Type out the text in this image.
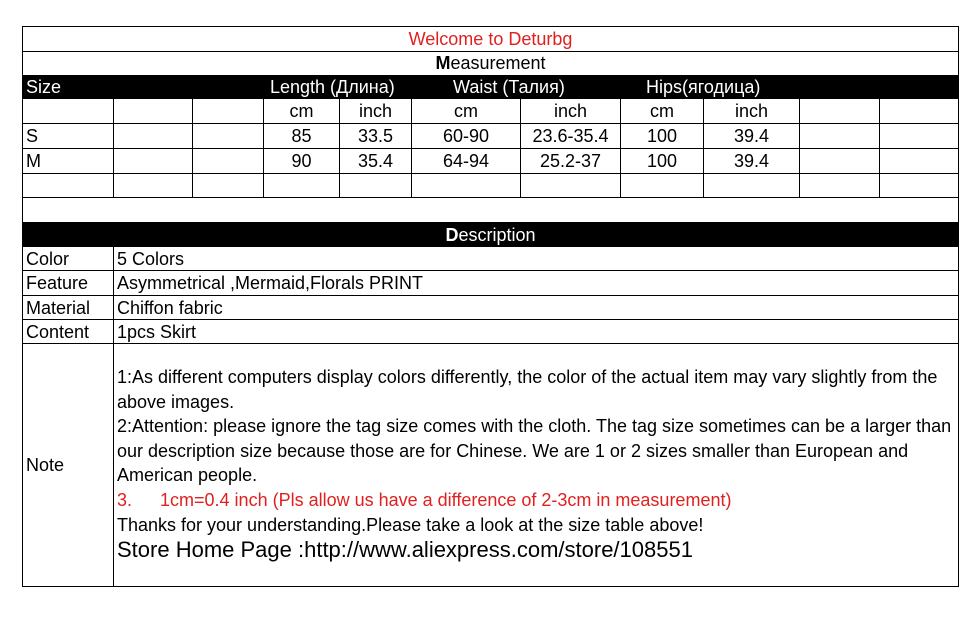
Welcome to Deturbg
Measurement
Size	Length (Длина)	Waist (Талия)	Hips(ягодица)
cm	inch	cm	inch	cm	inch
S	85	33.5	60-90	23.6-35.4	100	39.4
M	90	35.4	64-94	25.2-37	100	39.4
Description
Color	5 Colors
Feature	Asymmetrical ,Mermaid,Florals PRINT
Material	Chiffon fabric
Content	1pcs Skirt
Note
1:As different computers display colors differently, the color of the actual item may vary slightly from the above images.
2:Attention: please ignore the tag size comes with the cloth. The tag size sometimes can be a larger than our description size because those are for Chinese. We are 1 or 2 sizes smaller than European and American people.
3. 1cm=0.4 inch (Pls allow us have a difference of 2-3cm in measurement)
Thanks for your understanding.Please take a look at the size table above!
Store Home Page :http://www.aliexpress.com/store/108551
